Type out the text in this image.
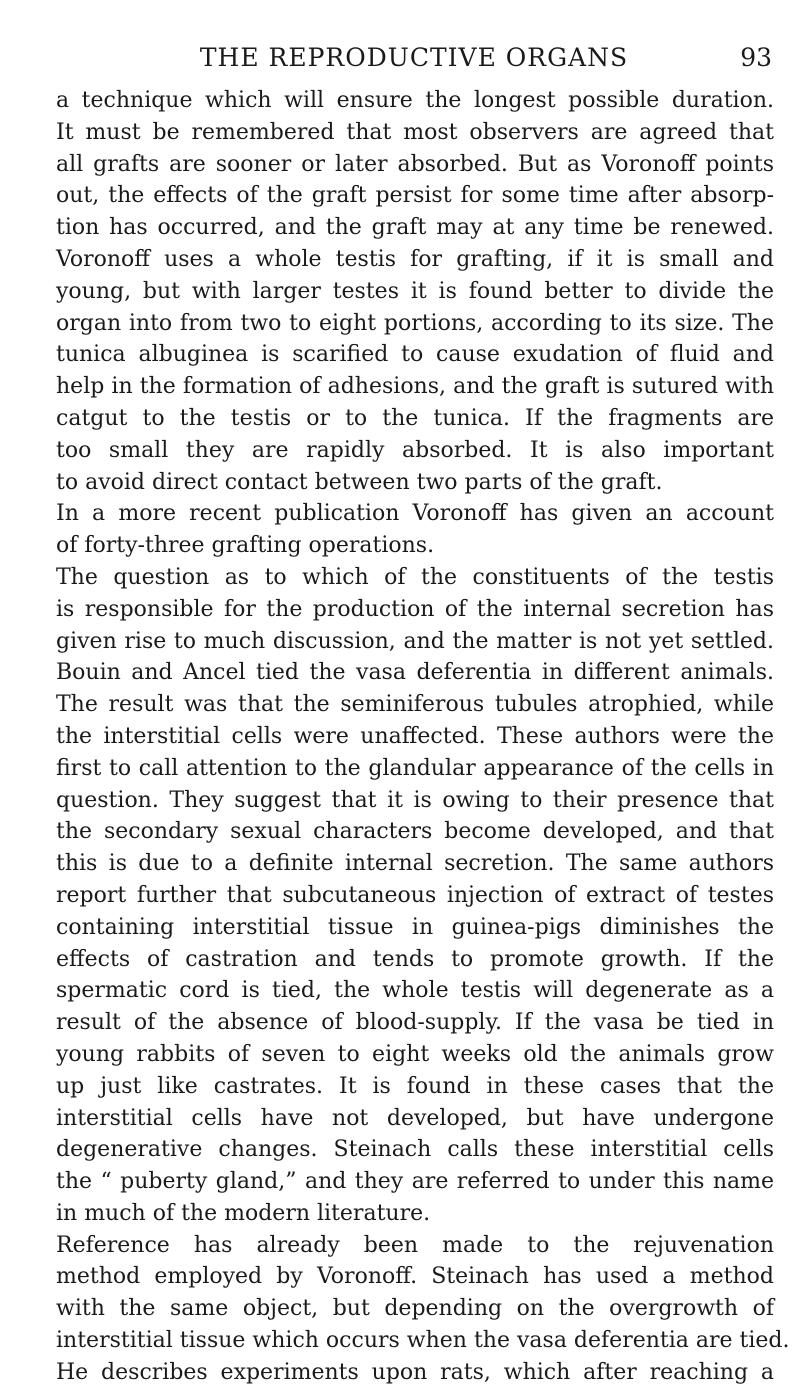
THE REPRODUCTIVE ORGANS	93

a technique which will ensure the longest possible duration.
It must be remembered that most observers are agreed that
all grafts are sooner or later absorbed. But as Voronoff points
out, the effects of the graft persist for some time after absorp-
tion has occurred, and the graft may at any time be renewed.
Voronoff uses a whole testis for grafting, if it is small and
young, but with larger testes it is found better to divide the
organ into from two to eight portions, according to its size. The
tunica albuginea is scarified to cause exudation of fluid and
help in the formation of adhesions, and the graft is sutured with
catgut to the testis or to the tunica. If the fragments are
too small they are rapidly absorbed. It is also important
to avoid direct contact between two parts of the graft.

In a more recent publication Voronoff has given an account
of forty-three grafting operations.

The question as to which of the constituents of the testis
is responsible for the production of the internal secretion has
given rise to much discussion, and the matter is not yet settled.
Bouin and Ancel tied the vasa deferentia in different animals.
The result was that the seminiferous tubules atrophied, while
the interstitial cells were unaffected. These authors were the
first to call attention to the glandular appearance of the cells in
question. They suggest that it is owing to their presence that
the secondary sexual characters become developed, and that
this is due to a definite internal secretion. The same authors
report further that subcutaneous injection of extract of testes
containing interstitial tissue in guinea-pigs diminishes the
effects of castration and tends to promote growth. If the
spermatic cord is tied, the whole testis will degenerate as a
result of the absence of blood-supply. If the vasa be tied in
young rabbits of seven to eight weeks old the animals grow
up just like castrates. It is found in these cases that the
interstitial cells have not developed, but have undergone
degenerative changes. Steinach calls these interstitial cells
the “ puberty gland,” and they are referred to under this name
in much of the modern literature.

Reference has already been made to the rejuvenation
method employed by Voronoff. Steinach has used a method
with the same object, but depending on the overgrowth of
interstitial tissue which occurs when the vasa deferentia are tied.
He describes experiments upon rats, which after reaching a
